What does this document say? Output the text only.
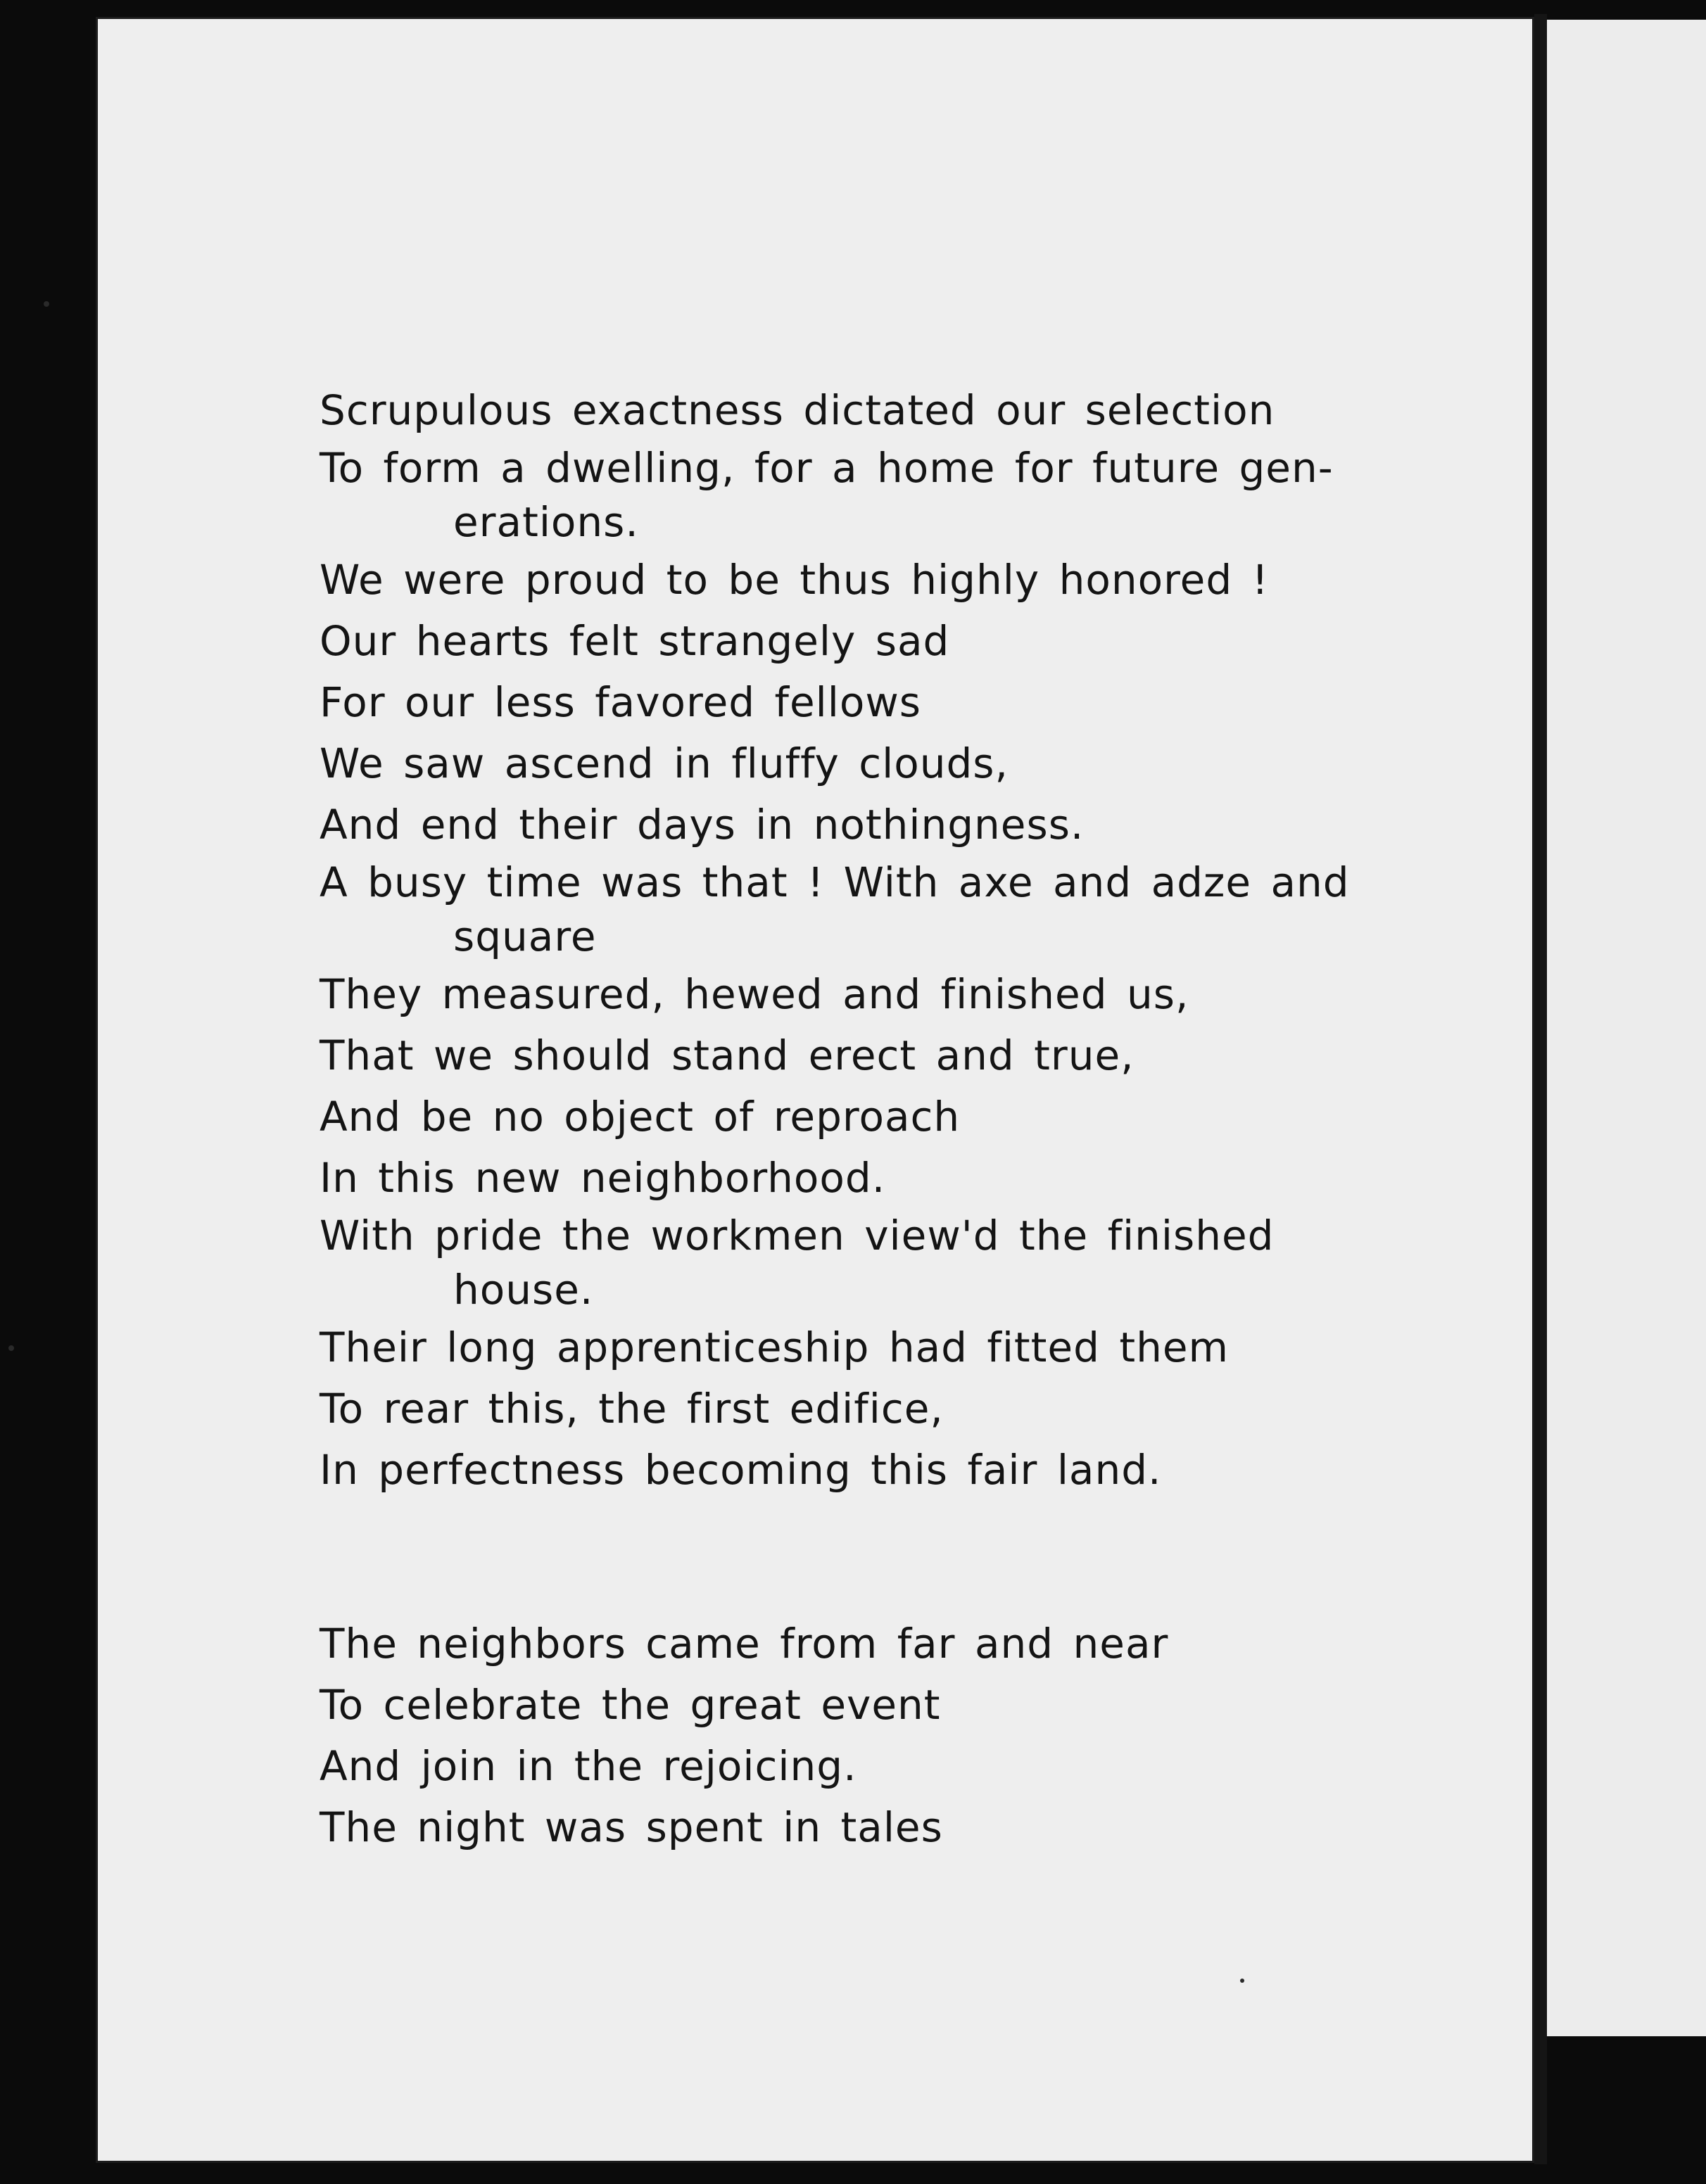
Scrupulous exactness dictated our selection
To form a dwelling, for a home for future gen-
erations.
We were proud to be thus highly honored !
Our hearts felt strangely sad
For our less favored fellows
We saw ascend in fluffy clouds,
And end their days in nothingness.
A busy time was that ! With axe and adze and
square
They measured, hewed and finished us,
That we should stand erect and true,
And be no object of reproach
In this new neighborhood.
With pride the workmen view'd the finished
house.
Their long apprenticeship had fitted them
To rear this, the first edifice,
In perfectness becoming this fair land.
The neighbors came from far and near
To celebrate the great event
And join in the rejoicing.
The night was spent in tales
